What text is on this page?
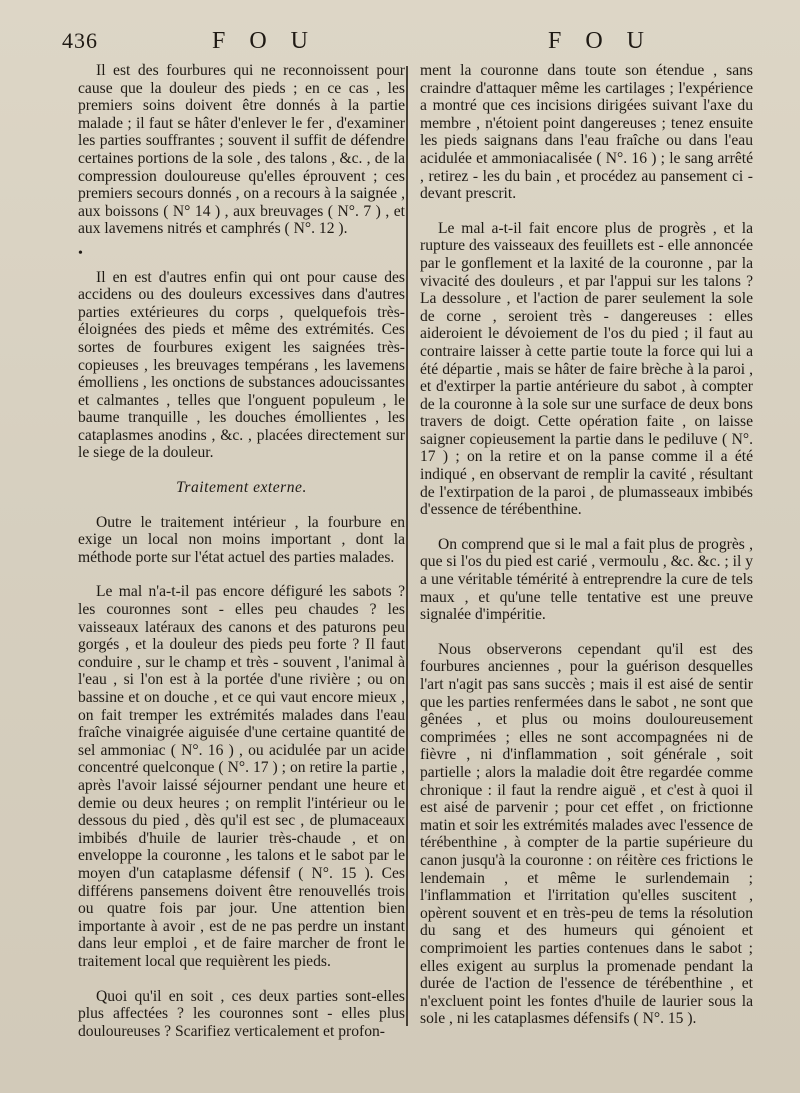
436	F O U	F O U

Il est des fourbures qui ne reconnoissent pour cause que la douleur des pieds ; en ce cas , les premiers soins doivent être donnés à la partie malade ; il faut se hâter d'enlever le fer , d'examiner les parties souffrantes ; souvent il suffit de défendre certaines portions de la sole , des talons , &c. , de la compression douloureuse qu'elles éprouvent ; ces premiers secours donnés , on a recours à la saignée , aux boissons ( N° 14 ) , aux breuvages ( N°. 7 ) , et aux lavemens nitrés et camphrés ( N°. 12 ).

•

Il en est d'autres enfin qui ont pour cause des accidens ou des douleurs excessives dans d'autres parties extérieures du corps , quelquefois très-éloignées des pieds et même des extrémités. Ces sortes de fourbures exigent les saignées très-copieuses , les breuvages tempérans , les lavemens émolliens , les onctions de substances adoucissantes et calmantes , telles que l'onguent populeum , le baume tranquille , les douches émollientes , les cataplasmes anodins , &c. , placées directement sur le siege de la douleur.

Traitement externe.

Outre le traitement intérieur , la fourbure en exige un local non moins important , dont la méthode porte sur l'état actuel des parties malades.

Le mal n'a-t-il pas encore défiguré les sabots ? les couronnes sont - elles peu chaudes ? les vaisseaux latéraux des canons et des paturons peu gorgés , et la douleur des pieds peu forte ? Il faut conduire , sur le champ et très - souvent , l'animal à l'eau , si l'on est à la portée d'une rivière ; ou on bassine et on douche , et ce qui vaut encore mieux , on fait tremper les extrémités malades dans l'eau fraîche vinaigrée aiguisée d'une certaine quantité de sel ammoniac ( N°. 16 ) , ou acidulée par un acide concentré quelconque ( N°. 17 ) ; on retire la partie , après l'avoir laissé séjourner pendant une heure et demie ou deux heures ; on remplit l'intérieur ou le dessous du pied , dès qu'il est sec , de plumaceaux imbibés d'huile de laurier très-chaude , et on enveloppe la couronne , les talons et le sabot par le moyen d'un cataplasme défensif ( N°. 15 ). Ces différens pansemens doivent être renouvellés trois ou quatre fois par jour. Une attention bien importante à avoir , est de ne pas perdre un instant dans leur emploi , et de faire marcher de front le traitement local que requièrent les pieds.

Quoi qu'il en soit , ces deux parties sont-elles plus affectées ? les couronnes sont - elles plus douloureuses ? Scarifiez verticalement et profon-

ment la couronne dans toute son étendue , sans craindre d'attaquer même les cartilages ; l'expérience a montré que ces incisions dirigées suivant l'axe du membre , n'étoient point dangereuses ; tenez ensuite les pieds saignans dans l'eau fraîche ou dans l'eau acidulée et ammoniacalisée ( N°. 16 ) ; le sang arrêté , retirez - les du bain , et procédez au pansement ci - devant prescrit.

Le mal a-t-il fait encore plus de progrès , et la rupture des vaisseaux des feuillets est - elle annoncée par le gonflement et la laxité de la couronne , par la vivacité des douleurs , et par l'appui sur les talons ? La dessolure , et l'action de parer seulement la sole de corne , seroient très - dangereuses : elles aideroient le dévoiement de l'os du pied ; il faut au contraire laisser à cette partie toute la force qui lui a été départie , mais se hâter de faire brèche à la paroi , et d'extirper la partie antérieure du sabot , à compter de la couronne à la sole sur une surface de deux bons travers de doigt. Cette opération faite , on laisse saigner copieusement la partie dans le pediluve ( N°. 17 ) ; on la retire et on la panse comme il a été indiqué , en observant de remplir la cavité , résultant de l'extirpation de la paroi , de plumasseaux imbibés d'essence de térébenthine.

On comprend que si le mal a fait plus de progrès , que si l'os du pied est carié , vermoulu , &c. &c. ; il y a une véritable témérité à entreprendre la cure de tels maux , et qu'une telle tentative est une preuve signalée d'impéritie.

Nous observerons cependant qu'il est des fourbures anciennes , pour la guérison desquelles l'art n'agit pas sans succès ; mais il est aisé de sentir que les parties renfermées dans le sabot , ne sont que gênées , et plus ou moins douloureusement comprimées ; elles ne sont accompagnées ni de fièvre , ni d'inflammation , soit générale , soit partielle ; alors la maladie doit être regardée comme chronique : il faut la rendre aiguë , et c'est à quoi il est aisé de parvenir ; pour cet effet , on frictionne matin et soir les extrémités malades avec l'essence de térébenthine , à compter de la partie supérieure du canon jusqu'à la couronne : on réitère ces frictions le lendemain , et même le surlendemain ; l'inflammation et l'irritation qu'elles suscitent , opèrent souvent et en très-peu de tems la résolution du sang et des humeurs qui génoient et comprimoient les parties contenues dans le sabot ; elles exigent au surplus la promenade pendant la durée de l'action de l'essence de térébenthine , et n'excluent point les fontes d'huile de laurier sous la sole , ni les cataplasmes défensifs ( N°. 15 ).
